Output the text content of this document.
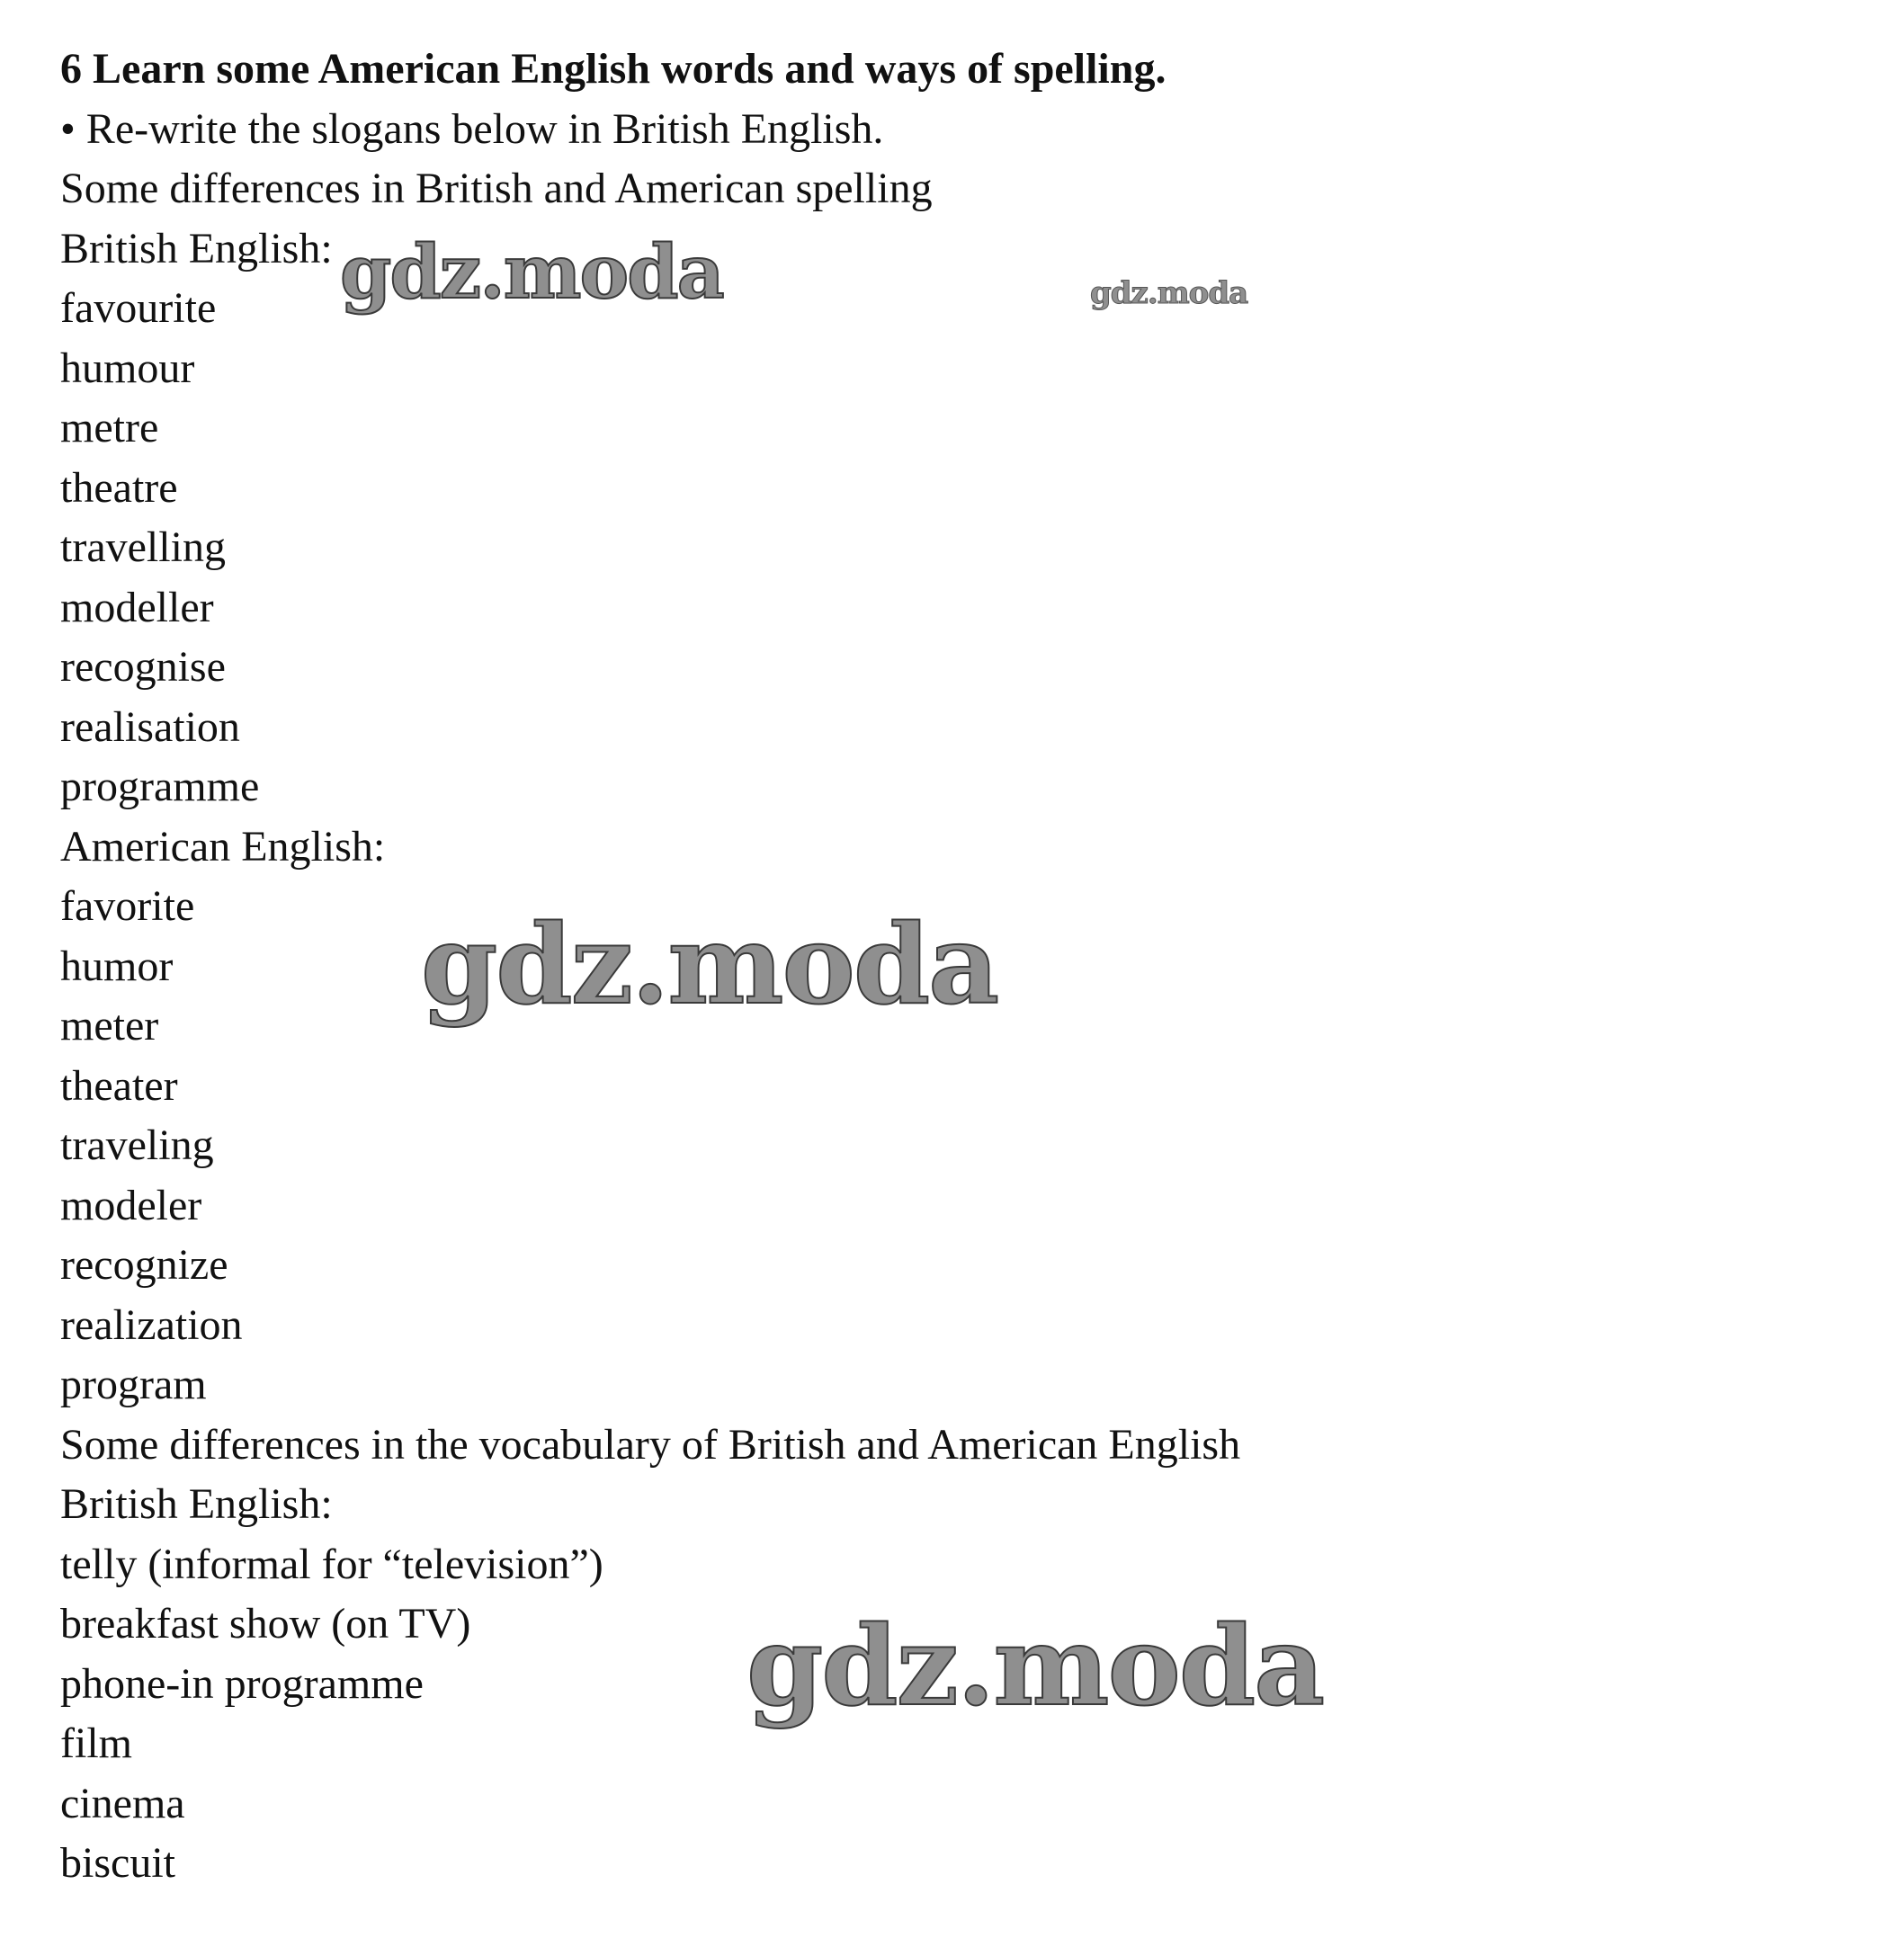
6 Learn some American English words and ways of spelling.
• Re-write the slogans below in British English.
Some differences in British and American spelling
British English:
favourite
humour
metre
theatre
travelling
modeller
recognise
realisation
programme
American English:
favorite
humor
meter
theater
traveling
modeler
recognize
realization
program
Some differences in the vocabulary of British and American English
British English:
telly (informal for “television”)
breakfast show (on TV)
phone-in programme
film
cinema
biscuit
gdz.moda	gdz.moda
gdz.moda
gdz.moda
